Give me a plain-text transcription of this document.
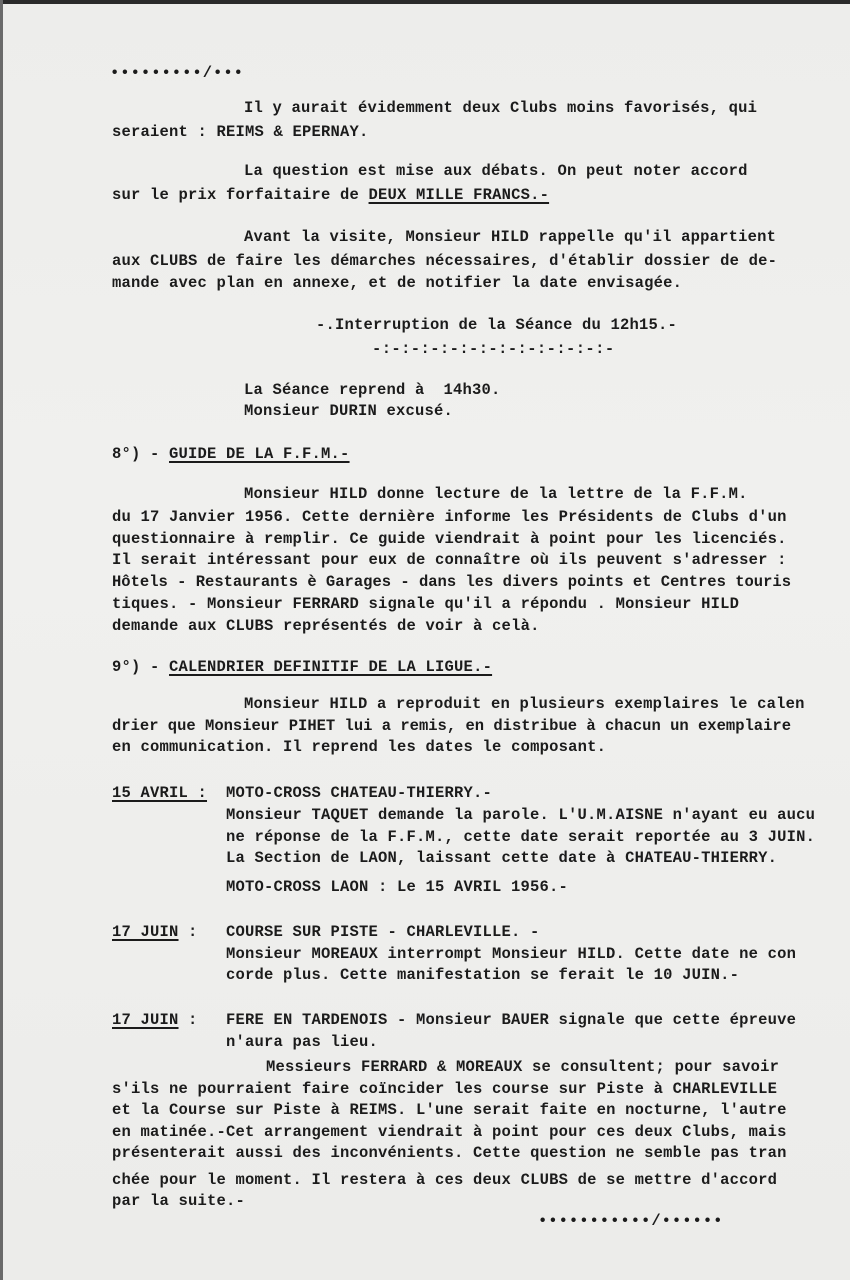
•••••••••/•••
Il y aurait évidemment deux Clubs moins favorisés, qui
seraient : REIMS & EPERNAY.
La question est mise aux débats. On peut noter accord
sur le prix forfaitaire de DEUX MILLE FRANCS.-
Avant la visite, Monsieur HILD rappelle qu'il appartient
aux CLUBS de faire les démarches nécessaires, d'établir dossier de de-
mande avec plan en annexe, et de notifier la date envisagée.
-.Interruption de la Séance du 12h15.-
-:-:-:-:-:-:-:-:-:-:-:-:-
La Séance reprend à  14h30.
Monsieur DURIN excusé.
8°) - GUIDE DE LA F.F.M.-
Monsieur HILD donne lecture de la lettre de la F.F.M.
du 17 Janvier 1956. Cette dernière informe les Présidents de Clubs d'un
questionnaire à remplir. Ce guide viendrait à point pour les licenciés.
Il serait intéressant pour eux de connaître où ils peuvent s'adresser :
Hôtels - Restaurants è Garages - dans les divers points et Centres touris
tiques. - Monsieur FERRARD signale qu'il a répondu . Monsieur HILD
demande aux CLUBS représentés de voir à celà.
9°) - CALENDRIER DEFINITIF DE LA LIGUE.-
Monsieur HILD a reproduit en plusieurs exemplaires le calen
drier que Monsieur PIHET lui a remis, en distribue à chacun un exemplaire
en communication. Il reprend les dates le composant.
15 AVRIL : MOTO-CROSS CHATEAU-THIERRY.-
Monsieur TAQUET demande la parole. L'U.M.AISNE n'ayant eu aucu
ne réponse de la F.F.M., cette date serait reportée au 3 JUIN.
La Section de LAON, laissant cette date à CHATEAU-THIERRY.
MOTO-CROSS LAON : Le 15 AVRIL 1956.-
17 JUIN : COURSE SUR PISTE - CHARLEVILLE. -
Monsieur MOREAUX interrompt Monsieur HILD. Cette date ne con
corde plus. Cette manifestation se ferait le 10 JUIN.-
17 JUIN : FERE EN TARDENOIS - Monsieur BAUER signale que cette épreuve
n'aura pas lieu.
Messieurs FERRARD & MOREAUX se consultent; pour savoir
s'ils ne pourraient faire coïncider les course sur Piste à CHARLEVILLE
et la Course sur Piste à REIMS. L'une serait faite en nocturne, l'autre
en matinée.-Cet arrangement viendrait à point pour ces deux Clubs, mais
présenterait aussi des inconvénients. Cette question ne semble pas tran
chée pour le moment. Il restera à ces deux CLUBS de se mettre d'accord
par la suite.-
•••••••••••/••••••
